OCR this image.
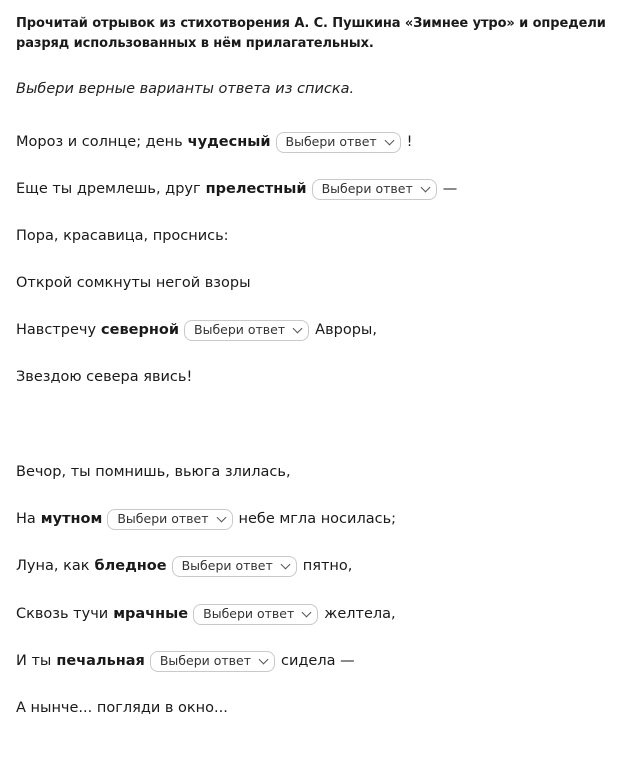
Прочитай отрывок из стихотворения А. С. Пушкина «Зимнее утро» и определи разряд использованных в нём прилагательных.

Выбери верные варианты ответа из списка.

Мороз и солнце; день чудесный Выбери ответ !
Еще ты дремлешь, друг прелестный Выбери ответ —
Пора, красавица, проснись:
Открой сомкнуты негой взоры
Навстречу северной Выбери ответ Авроры,
Звездою севера явись!
Вечор, ты помнишь, вьюга злилась,
На мутном Выбери ответ небе мгла носилась;
Луна, как бледное Выбери ответ пятно,
Сквозь тучи мрачные Выбери ответ желтела,
И ты печальная Выбери ответ сидела —
А нынче... погляди в окно...
